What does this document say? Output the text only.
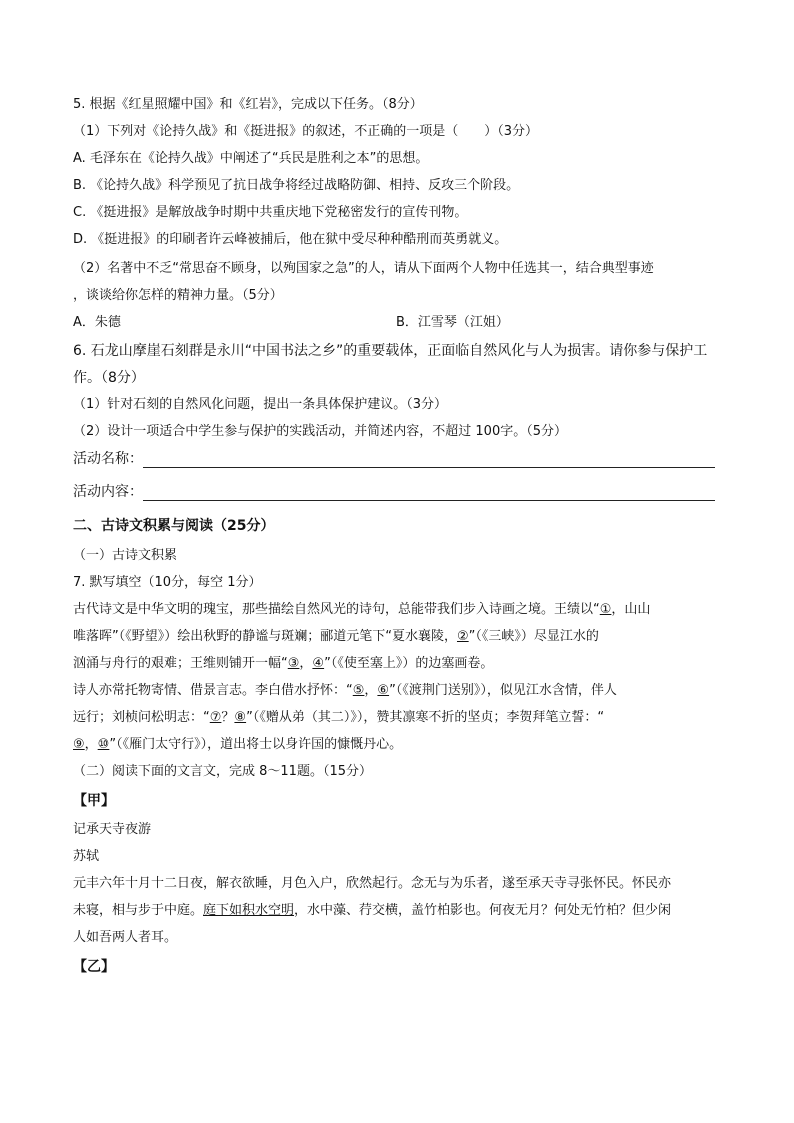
5. 根据《红星照耀中国》和《红岩》，完成以下任务。（8分）
（1）下列对《论持久战》和《挺进报》的叙述，不正确的一项是（　　）（3分）
A. 毛泽东在《论持久战》中阐述了“兵民是胜利之本”的思想。
B. 《论持久战》科学预见了抗日战争将经过战略防御、相持、反攻三个阶段。
C. 《挺进报》是解放战争时期中共重庆地下党秘密发行的宣传刊物。
D. 《挺进报》的印刷者许云峰被捕后，他在狱中受尽种种酷刑而英勇就义。
（2）名著中不乏“常思奋不顾身，以殉国家之急”的人，请从下面两个人物中任选其一，结合典型事迹
，谈谈给你怎样的精神力量。（5分）
A．朱德	B．江雪琴（江姐）
6. 石龙山摩崖石刻群是永川“中国书法之乡”的重要载体，正面临自然风化与人为损害。请你参与保护工
作。（8分）
（1）针对石刻的自然风化问题，提出一条具体保护建议。（3分）
（2）设计一项适合中学生参与保护的实践活动，并简述内容，不超过 100字。（5分）
活动名称：
活动内容：
二、古诗文积累与阅读（25分）
（一）古诗文积累
7. 默写填空（10分，每空 1分）
古代诗文是中华文明的瑰宝，那些描绘自然风光的诗句，总能带我们步入诗画之境。王绩以“①，山山
唯落晖”（《野望》）绘出秋野的静谧与斑斓；郦道元笔下“夏水襄陵，②”（《三峡》）尽显江水的
汹涌与舟行的艰难；王维则铺开一幅“③，④”（《使至塞上》）的边塞画卷。
诗人亦常托物寄情、借景言志。李白借水抒怀：“⑤，⑥”（《渡荆门送别》），似见江水含情，伴人
远行；刘桢问松明志：“⑦？⑧”（《赠从弟（其二）》），赞其凛寒不折的坚贞；李贺拜笔立誓：“
⑨，⑩”（《雁门太守行》），道出将士以身许国的慷慨丹心。
（二）阅读下面的文言文，完成 8～11题。（15分）
【甲】
记承天寺夜游
苏轼
元丰六年十月十二日夜，解衣欲睡，月色入户，欣然起行。念无与为乐者，遂至承天寺寻张怀民。怀民亦
未寝，相与步于中庭。庭下如积水空明，水中藻、荇交横，盖竹柏影也。何夜无月？何处无竹柏？但少闲
人如吾两人者耳。
【乙】
